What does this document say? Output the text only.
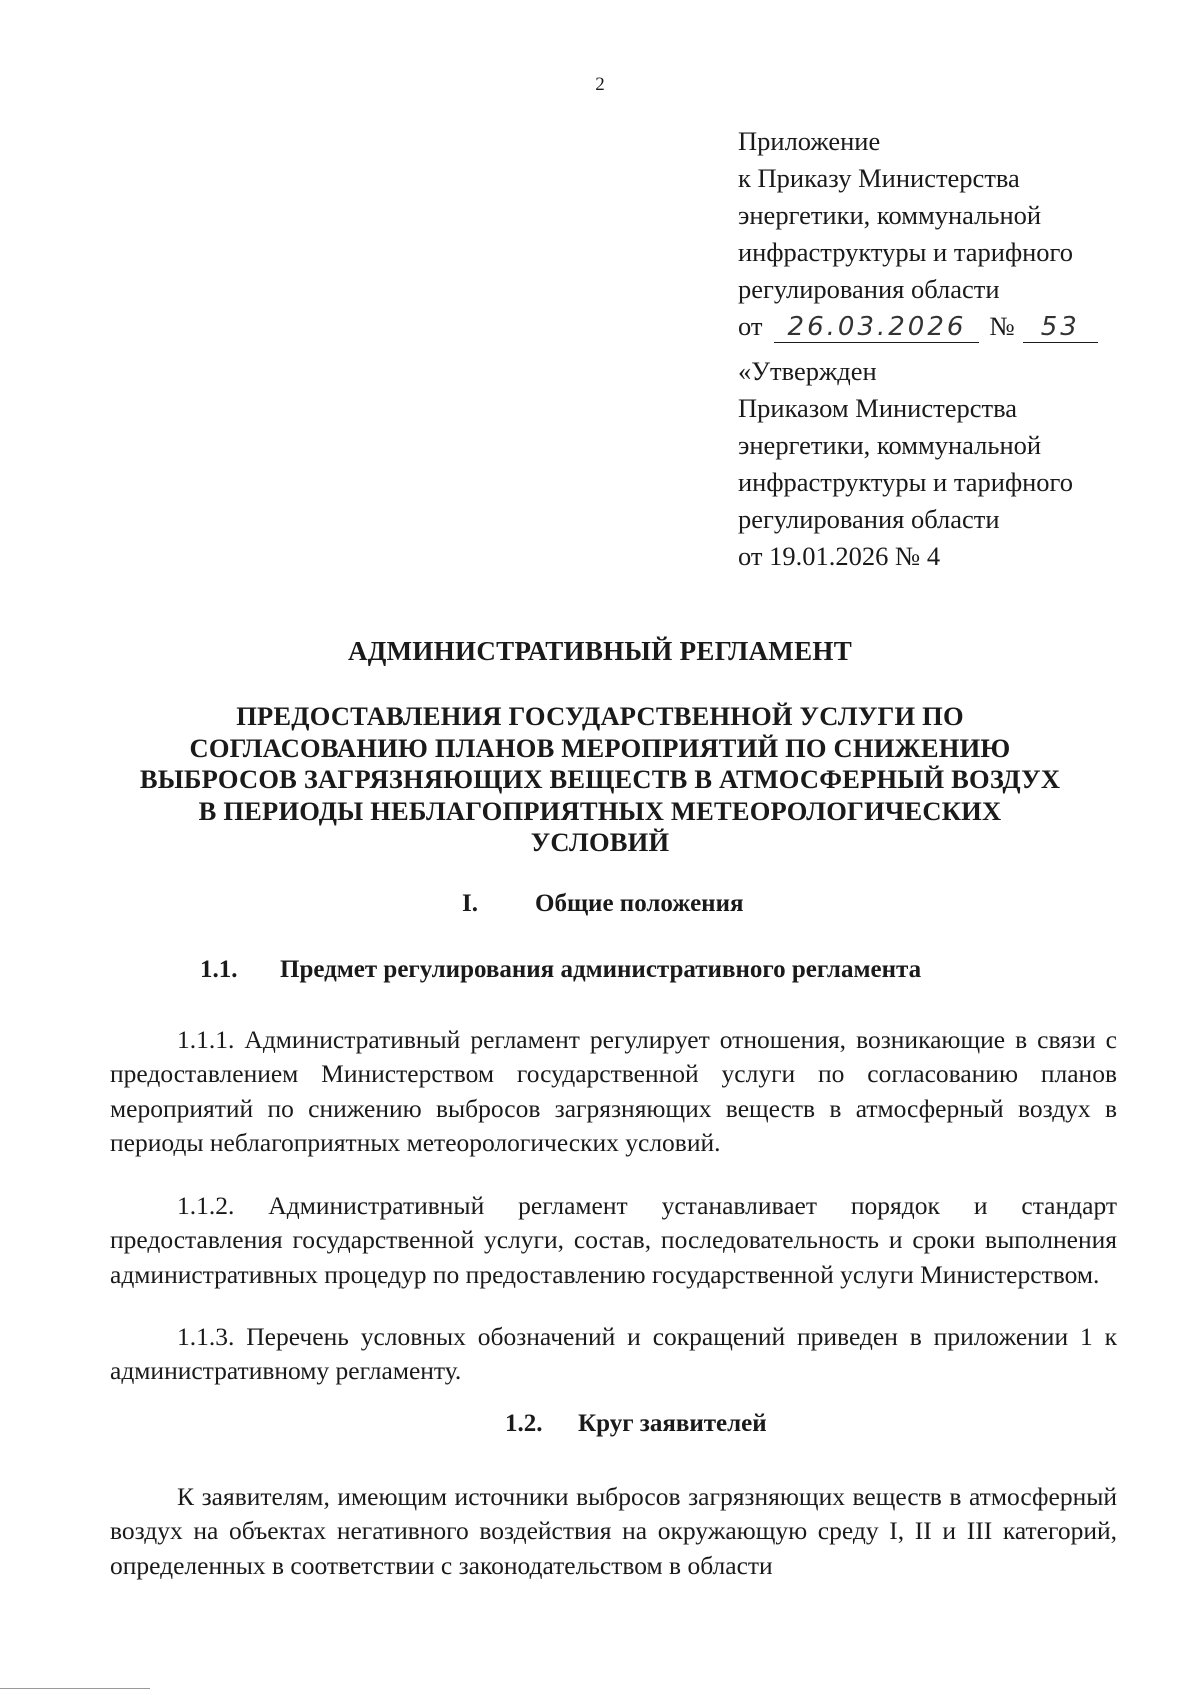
2
Приложение
к Приказу Министерства
энергетики, коммунальной
инфраструктуры и тарифного
регулирования области
от 26.03.2026 № 53
«Утвержден
Приказом Министерства
энергетики, коммунальной
инфраструктуры и тарифного
регулирования области
от 19.01.2026 № 4
АДМИНИСТРАТИВНЫЙ РЕГЛАМЕНТ
ПРЕДОСТАВЛЕНИЯ ГОСУДАРСТВЕННОЙ УСЛУГИ ПО
СОГЛАСОВАНИЮ ПЛАНОВ МЕРОПРИЯТИЙ ПО СНИЖЕНИЮ
ВЫБРОСОВ ЗАГРЯЗНЯЮЩИХ ВЕЩЕСТВ В АТМОСФЕРНЫЙ ВОЗДУХ
В ПЕРИОДЫ НЕБЛАГОПРИЯТНЫХ МЕТЕОРОЛОГИЧЕСКИХ
УСЛОВИЙ
I. Общие положения
1.1. Предмет регулирования административного регламента

1.1.1. Административный регламент регулирует отношения, возникающие в связи с предоставлением Министерством государственной услуги по согласованию планов мероприятий по снижению выбросов загрязняющих веществ в атмосферный воздух в периоды неблагоприятных метеорологических условий.

1.1.2. Административный регламент устанавливает порядок и стандарт предоставления государственной услуги, состав, последовательность и сроки выполнения административных процедур по предоставлению государственной услуги Министерством.

1.1.3. Перечень условных обозначений и сокращений приведен в приложении 1 к административному регламенту.

1.2. Круг заявителей

К заявителям, имеющим источники выбросов загрязняющих веществ в атмосферный воздух на объектах негативного воздействия на окружающую среду I, II и III категорий, определенных в соответствии с законодательством в области
